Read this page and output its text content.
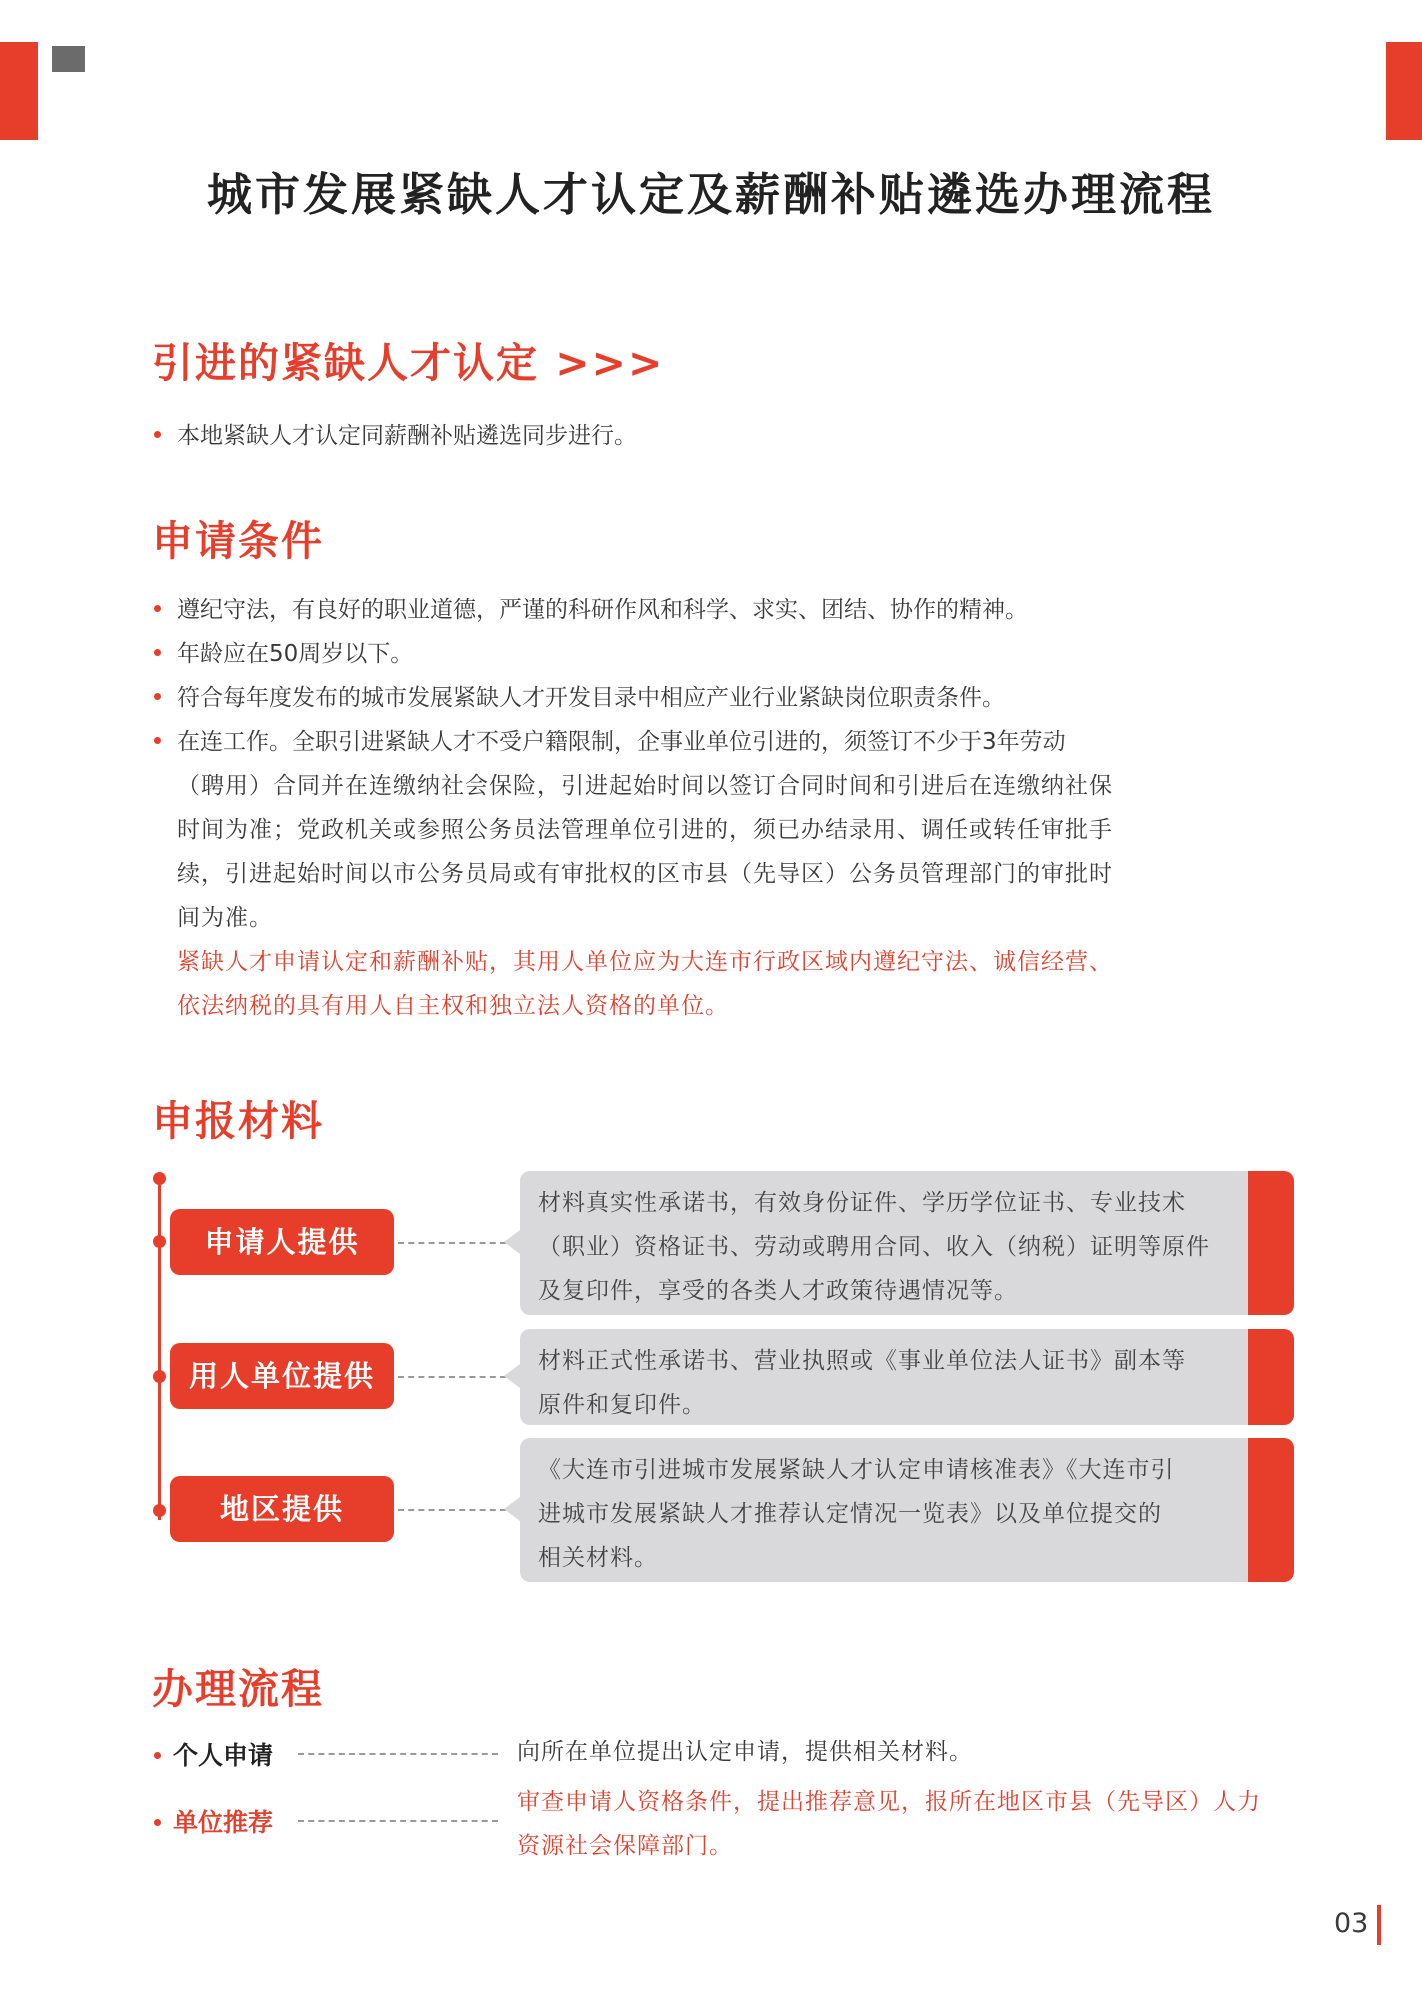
城市发展紧缺人才认定及薪酬补贴遴选办理流程
引进的紧缺人才认定 >>>
本地紧缺人才认定同薪酬补贴遴选同步进行。
申请条件
遵纪守法，有良好的职业道德，严谨的科研作风和科学、求实、团结、协作的精神。
年龄应在50周岁以下。
符合每年度发布的城市发展紧缺人才开发目录中相应产业行业紧缺岗位职责条件。
在连工作。全职引进紧缺人才不受户籍限制，企事业单位引进的，须签订不少于3年劳动
（聘用）合同并在连缴纳社会保险，引进起始时间以签订合同时间和引进后在连缴纳社保
时间为准；党政机关或参照公务员法管理单位引进的，须已办结录用、调任或转任审批手
续，引进起始时间以市公务员局或有审批权的区市县（先导区）公务员管理部门的审批时
间为准。
紧缺人才申请认定和薪酬补贴，其用人单位应为大连市行政区域内遵纪守法、诚信经营、
依法纳税的具有用人自主权和独立法人资格的单位。
申报材料
申请人提供
材料真实性承诺书，有效身份证件、学历学位证书、专业技术
（职业）资格证书、劳动或聘用合同、收入（纳税）证明等原件
及复印件，享受的各类人才政策待遇情况等。
用人单位提供	材料正式性承诺书、营业执照或《事业单位法人证书》副本等
原件和复印件。
地区提供
《大连市引进城市发展紧缺人才认定申请核准表》《大连市引
进城市发展紧缺人才推荐认定情况一览表》以及单位提交的
相关材料。
办理流程
个人申请	向所在单位提出认定申请，提供相关材料。
单位推荐
审查申请人资格条件，提出推荐意见，报所在地区市县（先导区）人力
资源社会保障部门。
03
